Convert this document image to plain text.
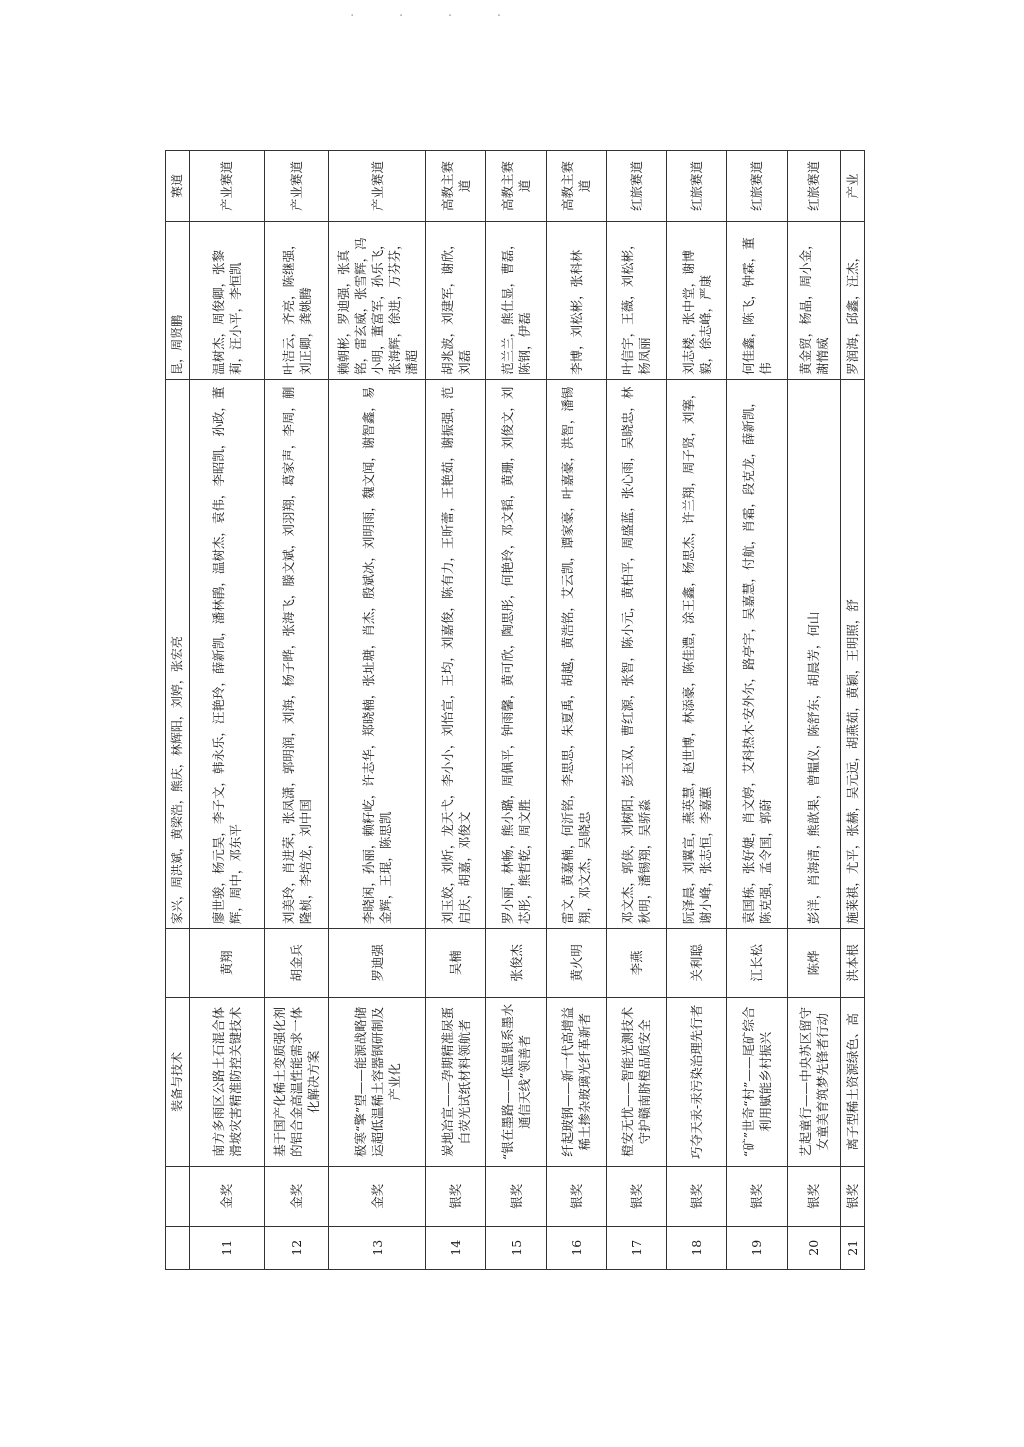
· · · ·
		装备与技术		家兴，周洪斌，黄梁浩，熊庆，林辉阳，刘婷，张宏亮	昆，周贤鹏	赛道
11	金奖	南方多雨区公路土石混合体滑坡灾害精准防控关键技术	黄翔	廖世骏，杨元昊，李子文，韩永乐，汪艳玲，薛新凯，潘林鹃，温树杰，袁伟，李昭凯，孙政，董辉，周中，邓东平	温树杰，周俊卿，张黎莉，汪小平，李恒凯	产业赛道
12	金奖	基于国产化稀土变质强化剂的铝合金高温性能需求一体化解决方案	胡金兵	刘美玲，肖进荣，张凤潇，郭明润，刘海，杨子晔，张海飞，滕文斌，刘羽翔，葛家声，李周，蒯隆桢，李培龙，刘中国	叶洁云，齐亮，陈继强，刘正卿，龚姚腾	产业赛道
13	金奖	极寒“擎”望——能源战略储运超低温稀土容器钢研制及产业化	罗迪强	李晓闲，孙丽，赖籽屹，许志华，郑晓楠，张址瑭，肖杰，殷斌冰，刘明雨，魏文闻，谢智鑫，易金辉，王琨，陈思凯	赖朝彬，罗迪强，张真铭，雷玄威，张雪辉，冯小明，董富军，孙乐飞，张海辉，徐进，万芬芬，潘超	产业赛道
14	银奖	炭地冶宣——孕期精准尿蛋白荧光试纸材料领航者	吴楠	刘玉姣，刘炘，龙天弋，李小小，刘怡宣，王均，刘嘉俊，陈有力，王昕蕾，王艳茹，谢振强，范启庆，胡嘉，邓俊文	胡兆波，刘建军，谢欣，刘磊	高教主赛道
15	银奖	“银在墨路——低温银系墨水通信天线”领善者	张俊杰	罗小丽，林畅，熊小璐，周佩平，钟雨馨，黄可欣，陶思彤，何艳玲，邓文韬，黄珊，刘俊文，刘芯彤，熊哲乾，周文胜	范兰兰，熊仕显，曹磊，陈钢，伊磊	高教主赛道
16	银奖	纤起玻钢——新一代高增益稀土掺杂玻璃光纤革新者	黄火明	雷文，黄嘉楠，何沂铭，李思思，朱夏禹，胡越，黄浩铭，艾云凯，谭家豪，叶嘉豪，洪智，潘锡翔，邓文杰，吴晓忠	李博，刘松彬，张科林	高教主赛道
17	银奖	橙安无忧——智能光测技术守护赣南脐橙品质安全	李燕	邓文杰，郭侠，刘树阳，彭玉双，曹红源，张智，陈小元，黄柏平，周盛蓝，张心雨，吴晓忠，林秋明，潘锡翔，吴骄淼	叶信宇，王薇，刘松彬，杨凤丽	红旅赛道
18	银奖	巧夺天汞-汞污染治理先行者	关利聪	阮泽晨，刘翼宣，燕英慧，赵世博，林添豪，陈佳澧，涂王鑫，杨思杰，许兰翔，周子贤，刘搴，谢小峰，张志恒，李嘉蕙	刘志楼，张中堂，谢博毅，徐志峰，严康	红旅赛道
19	银奖	“矿”世奇“村”——尾矿综合利用赋能乡村振兴	江长松	袁国栋，张好婕，肖文婷，艾科热木·安外尔，路亭宇，吴嘉慧，付航，肖霜，段克龙，薛新凯，陈克强，孟令国，郭蔚	何佳鑫，陈飞，钟霖，董伟	红旅赛道
20	银奖	艺起童行——中央苏区留守女童美育筑梦先锋者行动	陈烨	彭洋，肖海清，熊歆果，曾韫仪，陈舒东，胡晨芳，何山	黄金贸，杨晶，周小金，謝惰威	红旅赛道
21	银奖	离子型稀土资源绿色、高	洪本根	施莱祺，尤平，张赫，吴元远，胡燕茹，黄颖，王明照，舒	罗润海，邱鑫，汪杰，	产业
